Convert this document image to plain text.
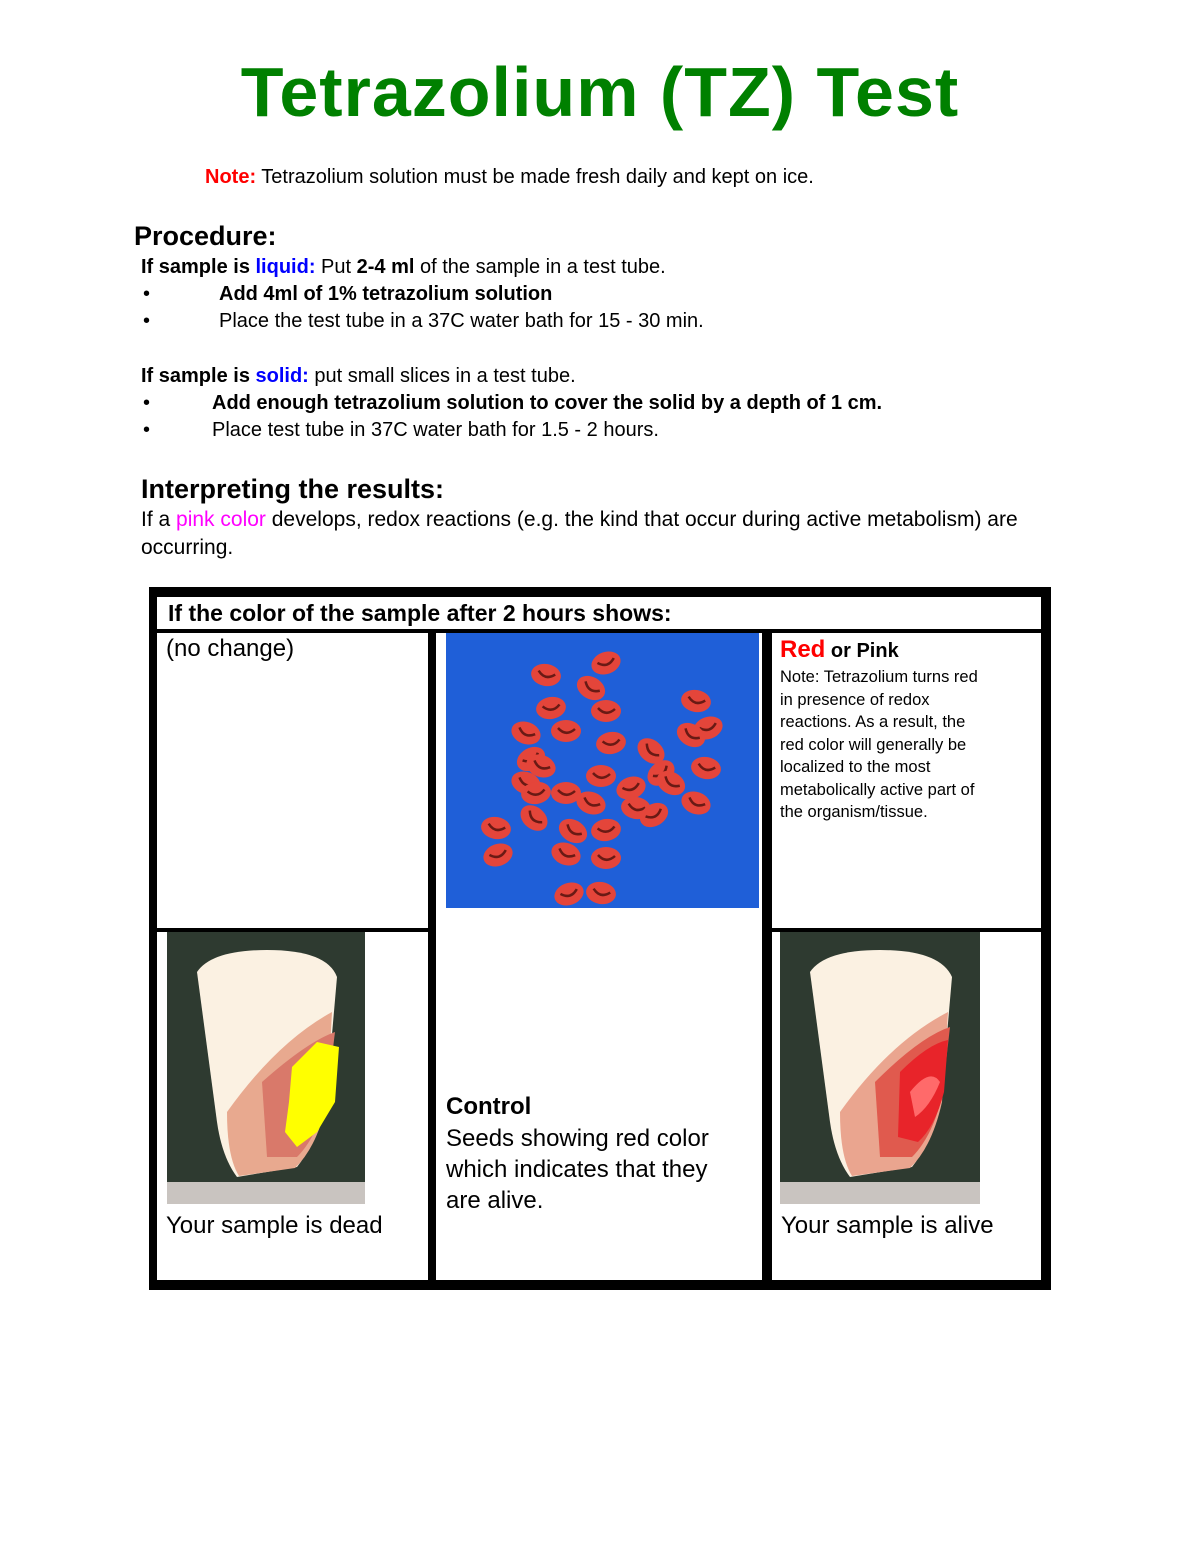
Tetrazolium (TZ) Test
Note: Tetrazolium solution must be made fresh daily and kept on ice.
Procedure:
If sample is liquid: Put 2-4 ml of the sample in a test tube.
•	Add 4ml of 1% tetrazolium solution
•	Place the test tube in a 37C water bath for 15 - 30 min.
If sample is solid: put small slices in a test tube.
•	Add enough tetrazolium solution to cover the solid by a depth of 1 cm.
•	Place test tube in 37C water bath for 1.5 - 2 hours.
Interpreting the results:
If a pink color develops, redox reactions (e.g. the kind that occur during active metabolism) are
occurring.
If the color of the sample after 2 hours shows:
(no change)
Your sample is dead
Control
Seeds showing red color
which indicates that they
are alive.
Red or Pink
Note: Tetrazolium turns red
in presence of redox
reactions. As a result, the
red color will generally be
localized to the most
metabolically active part of
the organism/tissue.
Your sample is alive
